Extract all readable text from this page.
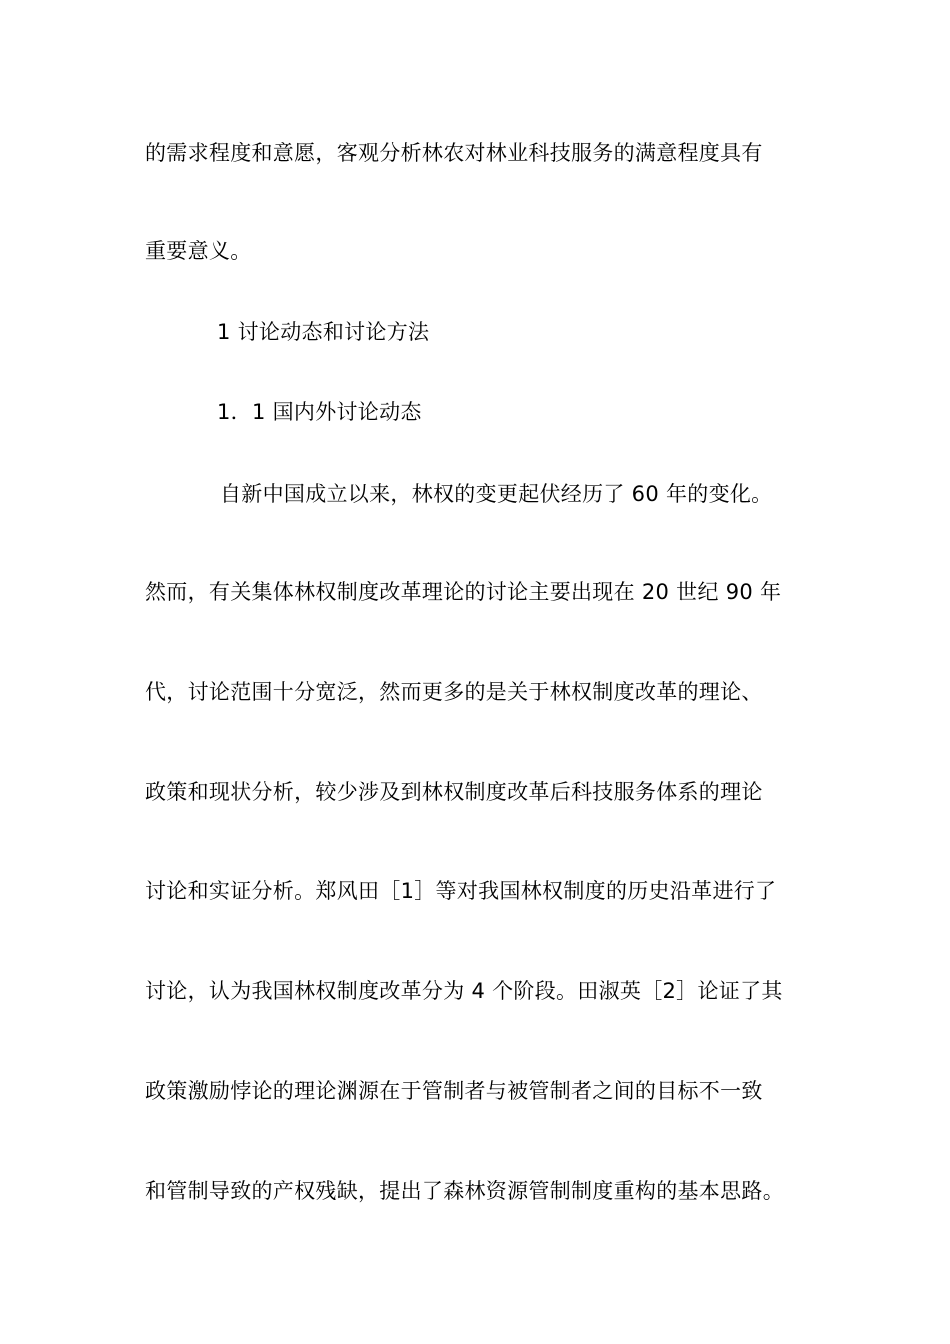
的需求程度和意愿，客观分析林农对林业科技服务的满意程度具有
重要意义。
1 讨论动态和讨论方法
1．1 国内外讨论动态
自新中国成立以来，林权的变更起伏经历了 60 年的变化。
然而，有关集体林权制度改革理论的讨论主要出现在 20 世纪 90 年
代，讨论范围十分宽泛，然而更多的是关于林权制度改革的理论、
政策和现状分析，较少涉及到林权制度改革后科技服务体系的理论
讨论和实证分析。郑风田［1］等对我国林权制度的历史沿革进行了
讨论，认为我国林权制度改革分为 4 个阶段。田淑英［2］论证了其
政策激励悖论的理论渊源在于管制者与被管制者之间的目标不一致
和管制导致的产权残缺，提出了森林资源管制制度重构的基本思路。
